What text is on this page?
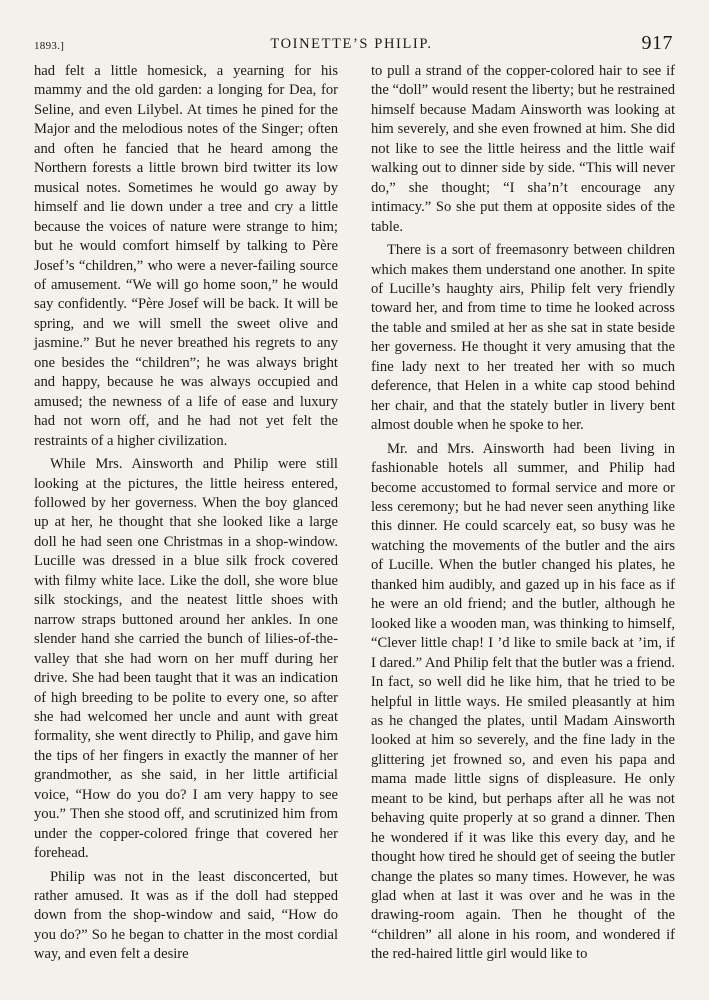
1893.]	TOINETTE’S PHILIP.	917

had felt a little homesick, a yearning for his mammy and the old garden: a longing for Dea, for Seline, and even Lilybel. At times he pined for the Major and the melodious notes of the Singer; often and often he fancied that he heard among the Northern forests a little brown bird twitter its low musical notes. Sometimes he would go away by himself and lie down under a tree and cry a little because the voices of nature were strange to him; but he would comfort himself by talking to Père Josef’s “children,” who were a never-failing source of amusement. “We will go home soon,” he would say confidently. “Père Josef will be back. It will be spring, and we will smell the sweet olive and jasmine.” But he never breathed his regrets to any one besides the “children”; he was always bright and happy, because he was always occupied and amused; the newness of a life of ease and luxury had not worn off, and he had not yet felt the restraints of a higher civilization.

While Mrs. Ainsworth and Philip were still looking at the pictures, the little heiress entered, followed by her governess. When the boy glanced up at her, he thought that she looked like a large doll he had seen one Christmas in a shop-window. Lucille was dressed in a blue silk frock covered with filmy white lace. Like the doll, she wore blue silk stockings, and the neatest little shoes with narrow straps buttoned around her ankles. In one slender hand she carried the bunch of lilies-of-the-valley that she had worn on her muff during her drive. She had been taught that it was an indication of high breeding to be polite to every one, so after she had welcomed her uncle and aunt with great formality, she went directly to Philip, and gave him the tips of her fingers in exactly the manner of her grandmother, as she said, in her little artificial voice, “How do you do? I am very happy to see you.” Then she stood off, and scrutinized him from under the copper-colored fringe that covered her forehead.

Philip was not in the least disconcerted, but rather amused. It was as if the doll had stepped down from the shop-window and said, “How do you do?” So he began to chatter in the most cordial way, and even felt a desire

to pull a strand of the copper-colored hair to see if the “doll” would resent the liberty; but he restrained himself because Madam Ainsworth was looking at him severely, and she even frowned at him. She did not like to see the little heiress and the little waif walking out to dinner side by side. “This will never do,” she thought; “I sha’n’t encourage any intimacy.” So she put them at opposite sides of the table.

There is a sort of freemasonry between children which makes them understand one another. In spite of Lucille’s haughty airs, Philip felt very friendly toward her, and from time to time he looked across the table and smiled at her as she sat in state beside her governess. He thought it very amusing that the fine lady next to her treated her with so much deference, that Helen in a white cap stood behind her chair, and that the stately butler in livery bent almost double when he spoke to her.

Mr. and Mrs. Ainsworth had been living in fashionable hotels all summer, and Philip had become accustomed to formal service and more or less ceremony; but he had never seen anything like this dinner. He could scarcely eat, so busy was he watching the movements of the butler and the airs of Lucille. When the butler changed his plates, he thanked him audibly, and gazed up in his face as if he were an old friend; and the butler, although he looked like a wooden man, was thinking to himself, “Clever little chap! I ’d like to smile back at ’im, if I dared.” And Philip felt that the butler was a friend. In fact, so well did he like him, that he tried to be helpful in little ways. He smiled pleasantly at him as he changed the plates, until Madam Ainsworth looked at him so severely, and the fine lady in the glittering jet frowned so, and even his papa and mama made little signs of displeasure. He only meant to be kind, but perhaps after all he was not behaving quite properly at so grand a dinner. Then he wondered if it was like this every day, and he thought how tired he should get of seeing the butler change the plates so many times. However, he was glad when at last it was over and he was in the drawing-room again. Then he thought of the “children” all alone in his room, and wondered if the red-haired little girl would like to
